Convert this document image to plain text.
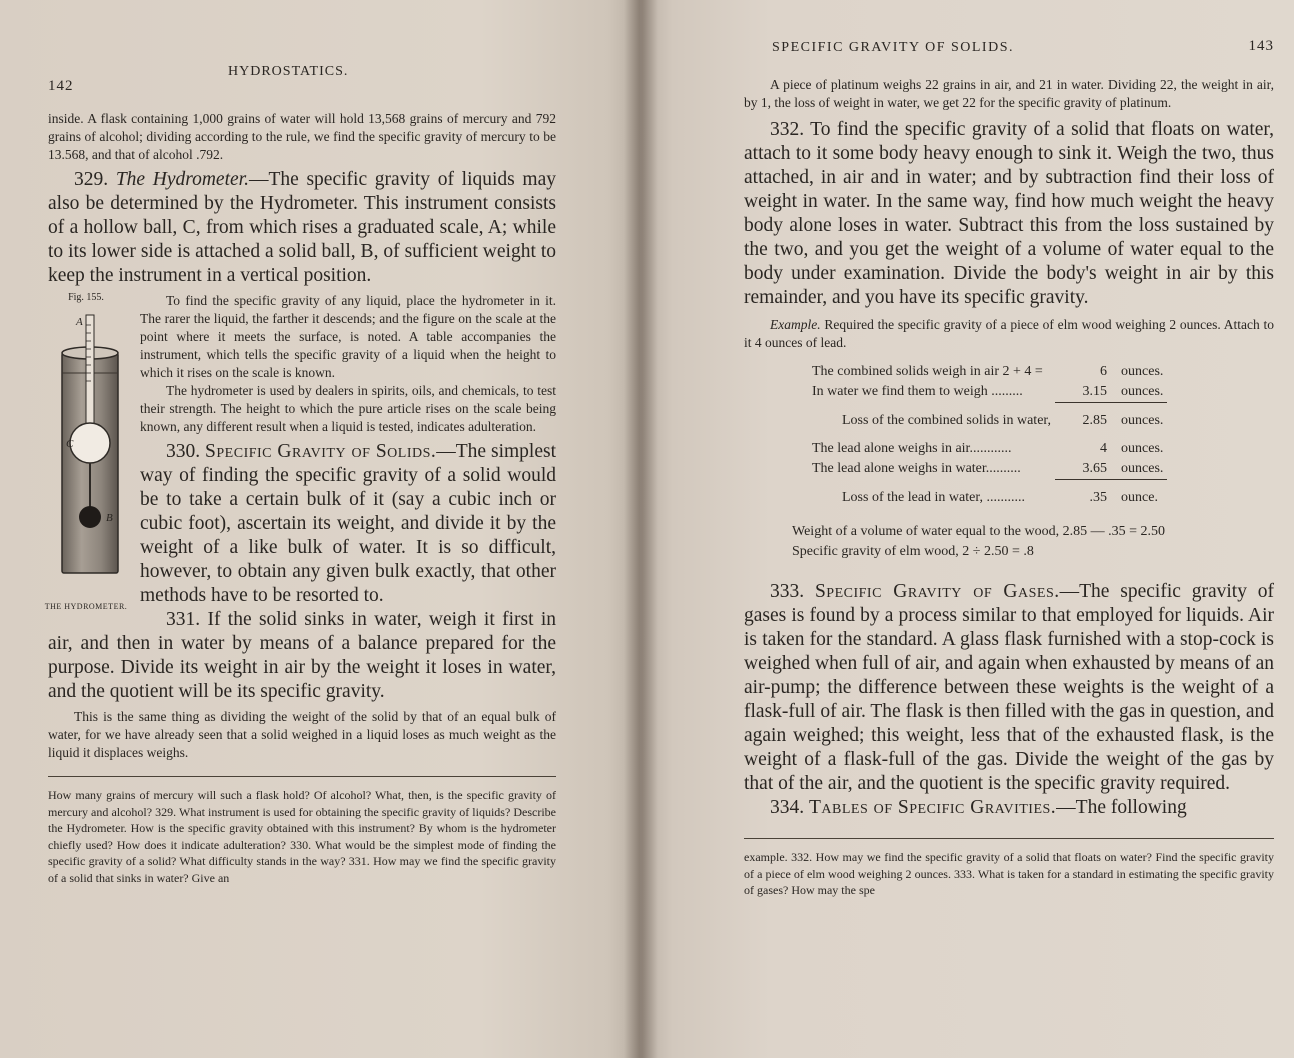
142
HYDROSTATICS.

inside. A flask containing 1,000 grains of water will hold 13,568 grains of mercury and 792 grains of alcohol; dividing according to the rule, we find the specific gravity of mercury to be 13.568, and that of alcohol .792.

329. The Hydrometer.—The specific gravity of liquids may also be determined by the Hydrometer. This instrument consists of a hollow ball, C, from which rises a graduated scale, A; while to its lower side is attached a solid ball, B, of sufficient weight to keep the instrument in a vertical position.

Fig. 155.
A
C
B
THE HYDROMETER.

To find the specific gravity of any liquid, place the hydrometer in it. The rarer the liquid, the farther it descends; and the figure on the scale at the point where it meets the surface, is noted. A table accompanies the instrument, which tells the specific gravity of a liquid when the height to which it rises on the scale is known.

The hydrometer is used by dealers in spirits, oils, and chemicals, to test their strength. The height to which the pure article rises on the scale being known, any different result when a liquid is tested, indicates adulteration.

330. Specific Gravity of Solids.—The simplest way of finding the specific gravity of a solid would be to take a certain bulk of it (say a cubic inch or cubic foot), ascertain its weight, and divide it by the weight of a like bulk of water. It is so difficult, however, to obtain any given bulk exactly, that other methods have to be resorted to.

331. If the solid sinks in water, weigh it first in air, and then in water by means of a balance prepared for the purpose. Divide its weight in air by the weight it loses in water, and the quotient will be its specific gravity.

This is the same thing as dividing the weight of the solid by that of an equal bulk of water, for we have already seen that a solid weighed in a liquid loses as much weight as the liquid it displaces weighs.

How many grains of mercury will such a flask hold? Of alcohol? What, then, is the specific gravity of mercury and alcohol? 329. What instrument is used for obtaining the specific gravity of liquids? Describe the Hydrometer. How is the specific gravity obtained with this instrument? By whom is the hydrometer chiefly used? How does it indicate adulteration? 330. What would be the simplest mode of finding the specific gravity of a solid? What difficulty stands in the way? 331. How may we find the specific gravity of a solid that sinks in water? Give an

SPECIFIC GRAVITY OF SOLIDS.	143

A piece of platinum weighs 22 grains in air, and 21 in water. Dividing 22, the weight in air, by 1, the loss of weight in water, we get 22 for the specific gravity of platinum.

332. To find the specific gravity of a solid that floats on water, attach to it some body heavy enough to sink it. Weigh the two, thus attached, in air and in water; and by subtraction find their loss of weight in water. In the same way, find how much weight the heavy body alone loses in water. Subtract this from the loss sustained by the two, and you get the weight of a volume of water equal to the body under examination. Divide the body's weight in air by this remainder, and you have its specific gravity.

Example. Required the specific gravity of a piece of elm wood weighing 2 ounces. Attach to it 4 ounces of lead.

The combined solids weigh in air 2 + 4 =	6	ounces.
In water we find them to weigh .........	3.15	ounces.
Loss of the combined solids in water,	2.85	ounces.
The lead alone weighs in air............	4	ounces.
The lead alone weighs in water..........	3.65	ounces.
Loss of the lead in water, ...........	.35	ounce.
Weight of a volume of water equal to the wood, 2.85 — .35 = 2.50
Specific gravity of elm wood, 2 ÷ 2.50 = .8

333. Specific Gravity of Gases.—The specific gravity of gases is found by a process similar to that employed for liquids. Air is taken for the standard. A glass flask furnished with a stop-cock is weighed when full of air, and again when exhausted by means of an air-pump; the difference between these weights is the weight of a flask-full of air. The flask is then filled with the gas in question, and again weighed; this weight, less that of the exhausted flask, is the weight of a flask-full of the gas. Divide the weight of the gas by that of the air, and the quotient is the specific gravity required.

334. Tables of Specific Gravities.—The following

example. 332. How may we find the specific gravity of a solid that floats on water? Find the specific gravity of a piece of elm wood weighing 2 ounces. 333. What is taken for a standard in estimating the specific gravity of gases? How may the spe
